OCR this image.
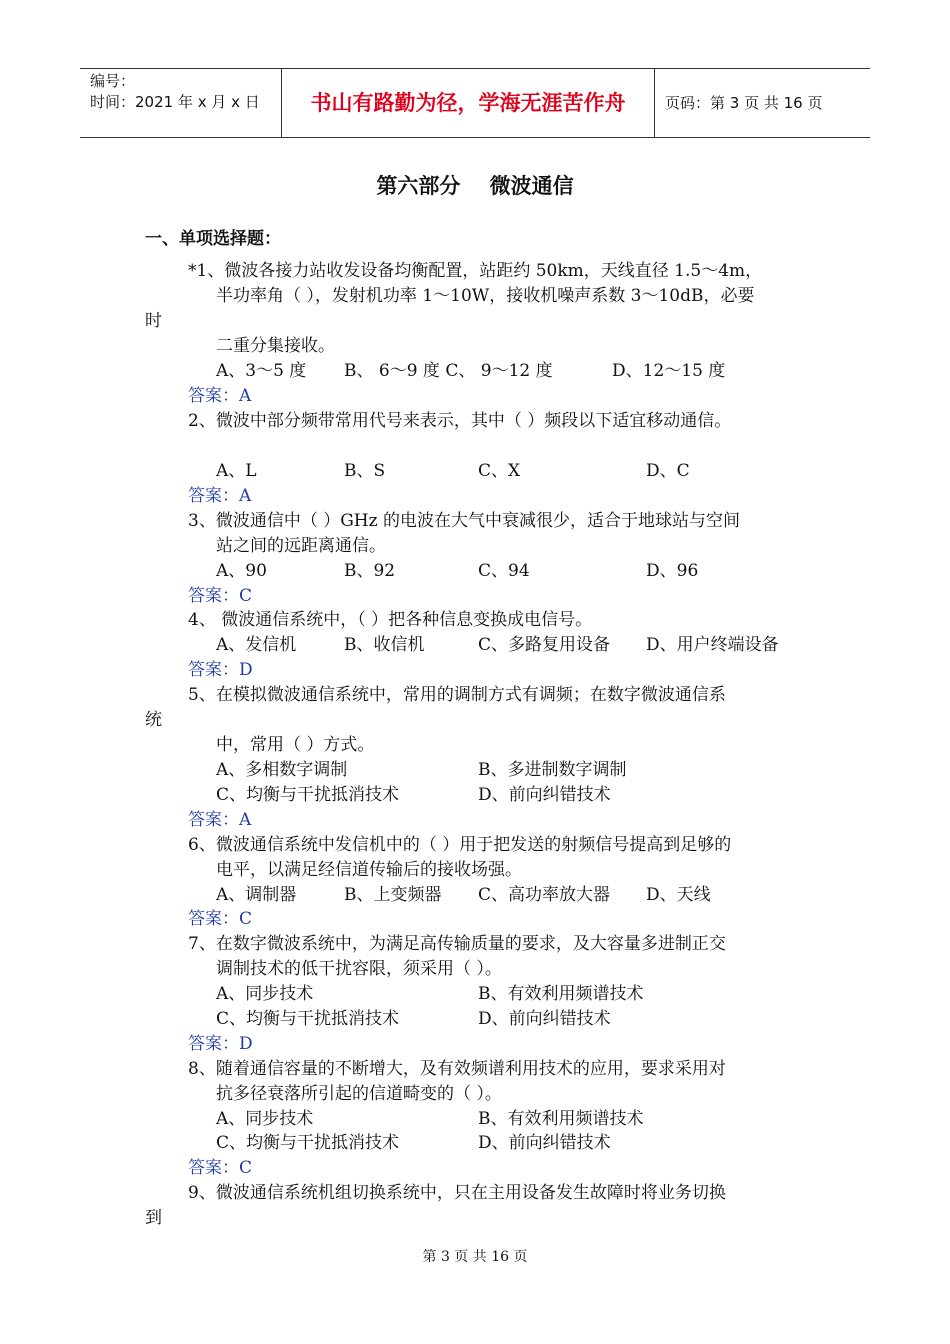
编号：
时间：2021 年 x 月 x 日	书山有路勤为径，学海无涯苦作舟	页码：第 3 页 共 16 页
第六部分    微波通信
一、单项选择题：
*1、微波各接力站收发设备均衡配置，站距约 50km，天线直径 1.5～4m，
半功率角（ ），发射机功率 1～10W，接收机噪声系数 3～10dB，必要
时
二重分集接收。
A、3～5 度 B、 6～9 度 C、 9～12 度	D、12～15 度
答案：A
2、微波中部分频带常用代号来表示，其中（ ）频段以下适宜移动通信。
A、L	B、S	C、X	D、C
答案：A
3、微波通信中（ ）GHz 的电波在大气中衰减很少，适合于地球站与空间
站之间的远距离通信。
A、90	B、92	C、94	D、96
答案：C
4、 微波通信系统中，（ ）把各种信息变换成电信号。
A、发信机	B、收信机	C、多路复用设备 D、用户终端设备
答案：D
5、在模拟微波通信系统中，常用的调制方式有调频；在数字微波通信系
统
中，常用（ ）方式。
A、多相数字调制	B、多进制数字调制
C、均衡与干扰抵消技术	D、前向纠错技术
答案：A
6、微波通信系统中发信机中的（ ）用于把发送的射频信号提高到足够的
电平，以满足经信道传输后的接收场强。
A、调制器	B、上变频器 C、高功率放大器 D、天线
答案：C
7、在数字微波系统中，为满足高传输质量的要求，及大容量多进制正交
调制技术的低干扰容限，须采用（ ）。
A、同步技术	B、有效利用频谱技术
C、均衡与干扰抵消技术	D、前向纠错技术
答案：D
8、随着通信容量的不断增大，及有效频谱利用技术的应用，要求采用对
抗多径衰落所引起的信道畸变的（ ）。
A、同步技术	B、有效利用频谱技术
C、均衡与干扰抵消技术	D、前向纠错技术
答案：C
9、微波通信系统机组切换系统中，只在主用设备发生故障时将业务切换
到
第 3 页 共 16 页
